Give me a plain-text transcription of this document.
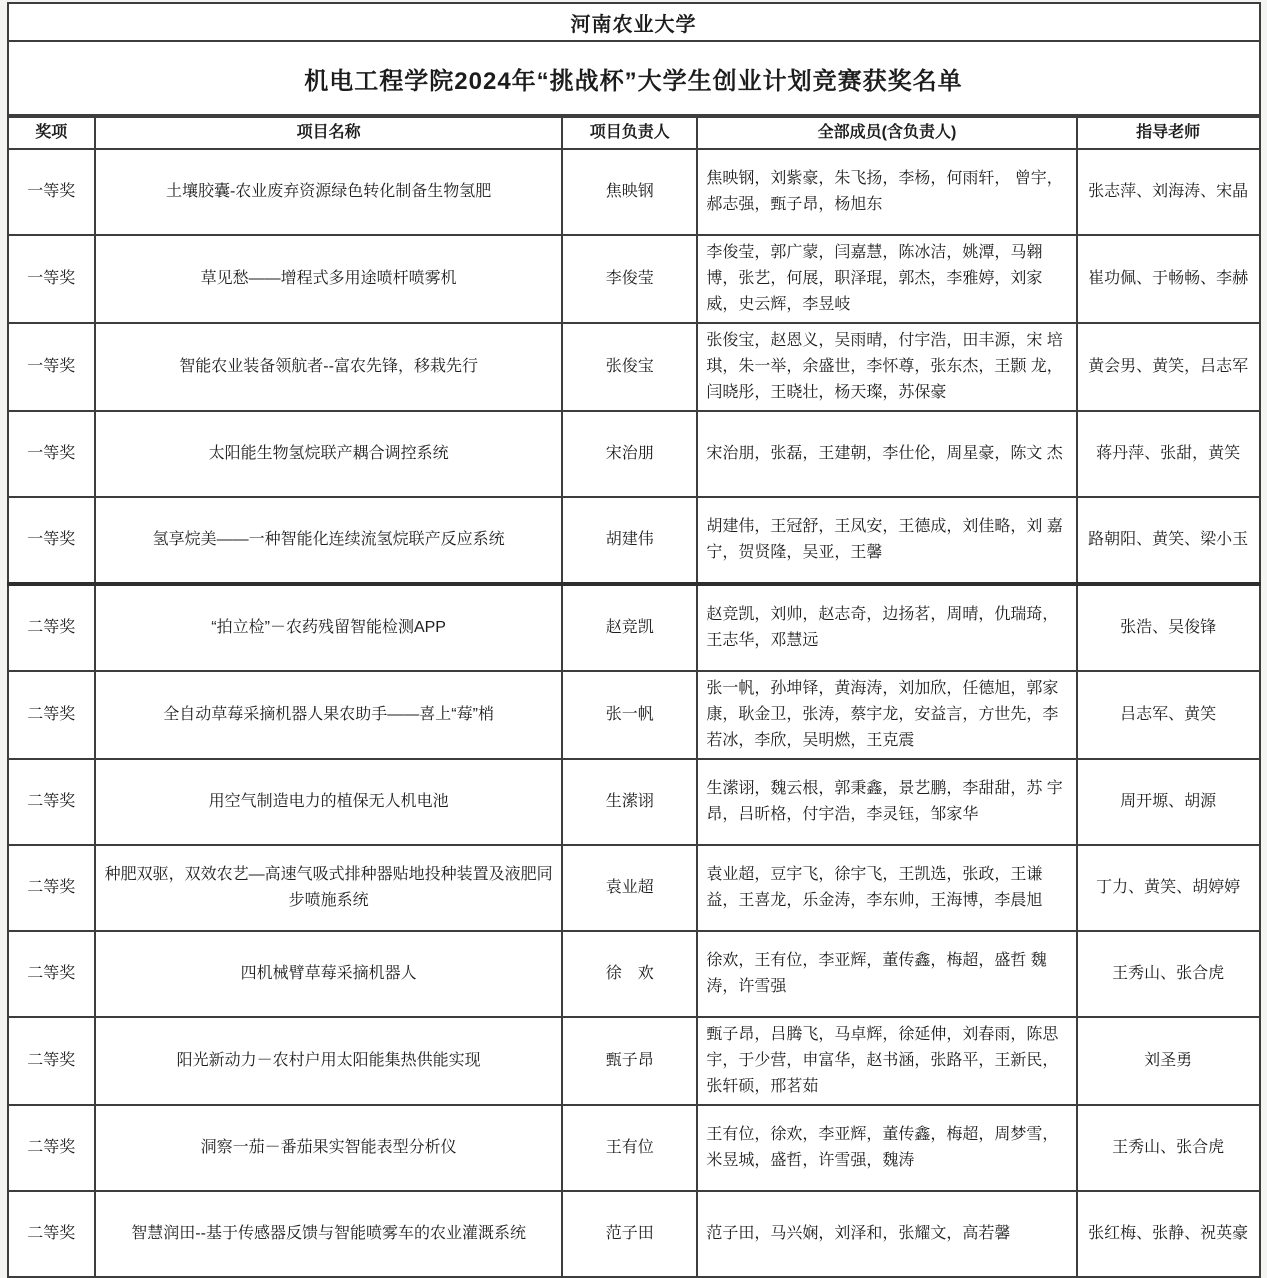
河南农业大学
机电工程学院2024年“挑战杯”大学生创业计划竞赛获奖名单
奖项	项目名称	项目负责人	全部成员(含负责人)	指导老师
一等奖	土壤胶囊-农业废弃资源绿色转化制备生物氢肥	焦映钢	焦映钢，刘紫豪，朱飞扬，李杨，何雨轩， 曾宇，郝志强，甄子昂，杨旭东	张志萍、刘海涛、宋晶
一等奖	草见愁——增程式多用途喷杆喷雾机	李俊莹	李俊莹，郭广蒙，闫嘉慧，陈冰洁，姚潭，马翱 博，张艺，何展，职泽琨，郭杰，李雅婷，刘家 威，史云辉，李昱岐	崔功佩、于畅畅、李赫
一等奖	智能农业装备领航者--富农先锋，移栽先行	张俊宝	张俊宝，赵恩义，吴雨晴，付宇浩，田丰源，宋 培琪，朱一举，余盛世，李怀尊，张东杰，王颢 龙，闫晓彤，王晓壮，杨天璨，苏保豪	黄会男、黄笑，吕志军
一等奖	太阳能生物氢烷联产耦合调控系统	宋治朋	宋治朋，张磊，王建朝，李仕伦，周星豪，陈文 杰	蒋丹萍、张甜，黄笑
一等奖	氢享烷美——一种智能化连续流氢烷联产反应系统	胡建伟	胡建伟，王冠舒，王凤安，王德成，刘佳略，刘 嘉宁，贺贤隆，吴亚，王馨	路朝阳、黄笑、梁小玉
二等奖	“拍立检”－农药残留智能检测APP	赵竞凯	赵竞凯，刘帅，赵志奇，边扬茗，周晴，仇瑞琦，王志华，邓慧远	张浩、吴俊锋
二等奖	全自动草莓采摘机器人果农助手——喜上“莓”梢	张一帆	张一帆，孙坤铎，黄海涛，刘加欣，任德旭，郭家康，耿金卫，张涛，蔡宇龙，安益言，方世先，李若冰，李欣，吴明燃，王克震	吕志军、黄笑
二等奖	用空气制造电力的植保无人机电池	生潆诩	生潆诩，魏云根，郭秉鑫，景艺鹏，李甜甜，苏 宇昂，吕昕格，付宇浩，李灵钰，邹家华	周开塬、胡源
二等奖	种肥双驱，双效农艺—高速气吸式排种器贴地投种装置及液肥同步喷施系统	袁业超	袁业超，豆宇飞，徐宇飞，王凯选，张政，王谦益，王喜龙，乐金涛，李东帅，王海博，李晨旭	丁力、黄笑、胡婷婷
二等奖	四机械臂草莓采摘机器人	徐　欢	徐欢，王有位，李亚辉，董传鑫，梅超，盛哲 魏涛，许雪强	王秀山、张合虎
二等奖	阳光新动力－农村户用太阳能集热供能实现	甄子昂	甄子昂，吕腾飞，马卓辉，徐延伸，刘春雨，陈思宇，于少营，申富华，赵书涵，张路平，王新民，张轩硕，邢茗茹	刘圣勇
二等奖	洞察一茄－番茄果实智能表型分析仪	王有位	王有位，徐欢，李亚辉，董传鑫，梅超，周梦雪，米昱城，盛哲，许雪强，魏涛	王秀山、张合虎
二等奖	智慧润田--基于传感器反馈与智能喷雾车的农业灌溉系统	范子田	范子田，马兴娴，刘泽和，张耀文，高若馨	张红梅、张静、祝英豪
